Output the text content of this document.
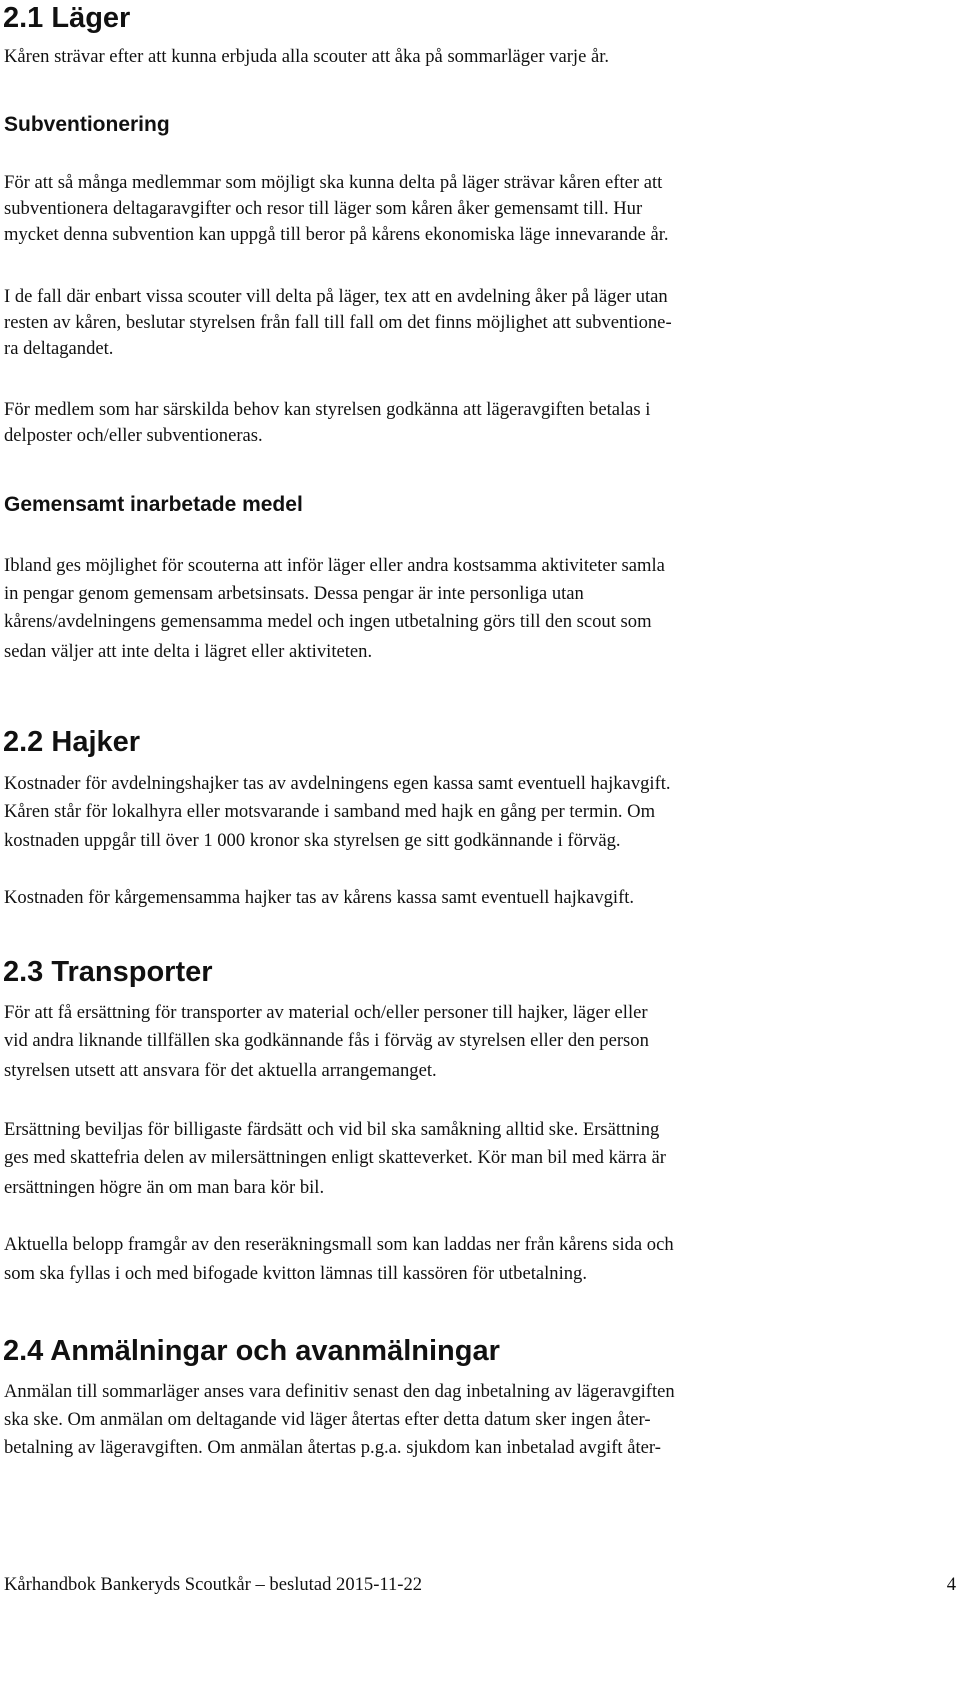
2.1 Läger
Kåren strävar efter att kunna erbjuda alla scouter att åka på sommarläger varje år.
Subventionering
För att så många medlemmar som möjligt ska kunna delta på läger strävar kåren efter att
subventionera deltagaravgifter och resor till läger som kåren åker gemensamt till. Hur
mycket denna subvention kan uppgå till beror på kårens ekonomiska läge innevarande år.
I de fall där enbart vissa scouter vill delta på läger, tex att en avdelning åker på läger utan
resten av kåren, beslutar styrelsen från fall till fall om det finns möjlighet att subventione-
ra deltagandet.
För medlem som har särskilda behov kan styrelsen godkänna att lägeravgiften betalas i
delposter och/eller subventioneras.
Gemensamt inarbetade medel
Ibland ges möjlighet för scouterna att inför läger eller andra kostsamma aktiviteter samla
in pengar genom gemensam arbetsinsats. Dessa pengar är inte personliga utan
kårens/avdelningens gemensamma medel och ingen utbetalning görs till den scout som
sedan väljer att inte delta i lägret eller aktiviteten.
2.2 Hajker
Kostnader för avdelningshajker tas av avdelningens egen kassa samt eventuell hajkavgift.
Kåren står för lokalhyra eller motsvarande i samband med hajk en gång per termin. Om
kostnaden uppgår till över 1 000 kronor ska styrelsen ge sitt godkännande i förväg.
Kostnaden för kårgemensamma hajker tas av kårens kassa samt eventuell hajkavgift.
2.3 Transporter
För att få ersättning för transporter av material och/eller personer till hajker, läger eller
vid andra liknande tillfällen ska godkännande fås i förväg av styrelsen eller den person
styrelsen utsett att ansvara för det aktuella arrangemanget.
Ersättning beviljas för billigaste färdsätt och vid bil ska samåkning alltid ske. Ersättning
ges med skattefria delen av milersättningen enligt skatteverket. Kör man bil med kärra är
ersättningen högre än om man bara kör bil.
Aktuella belopp framgår av den reseräkningsmall som kan laddas ner från kårens sida och
som ska fyllas i och med bifogade kvitton lämnas till kassören för utbetalning.
2.4 Anmälningar och avanmälningar
Anmälan till sommarläger anses vara definitiv senast den dag inbetalning av lägeravgiften
ska ske. Om anmälan om deltagande vid läger återtas efter detta datum sker ingen åter-
betalning av lägeravgiften. Om anmälan återtas p.g.a. sjukdom kan inbetalad avgift åter-
Kårhandbok Bankeryds Scoutkår – beslutad 2015-11-22	4
